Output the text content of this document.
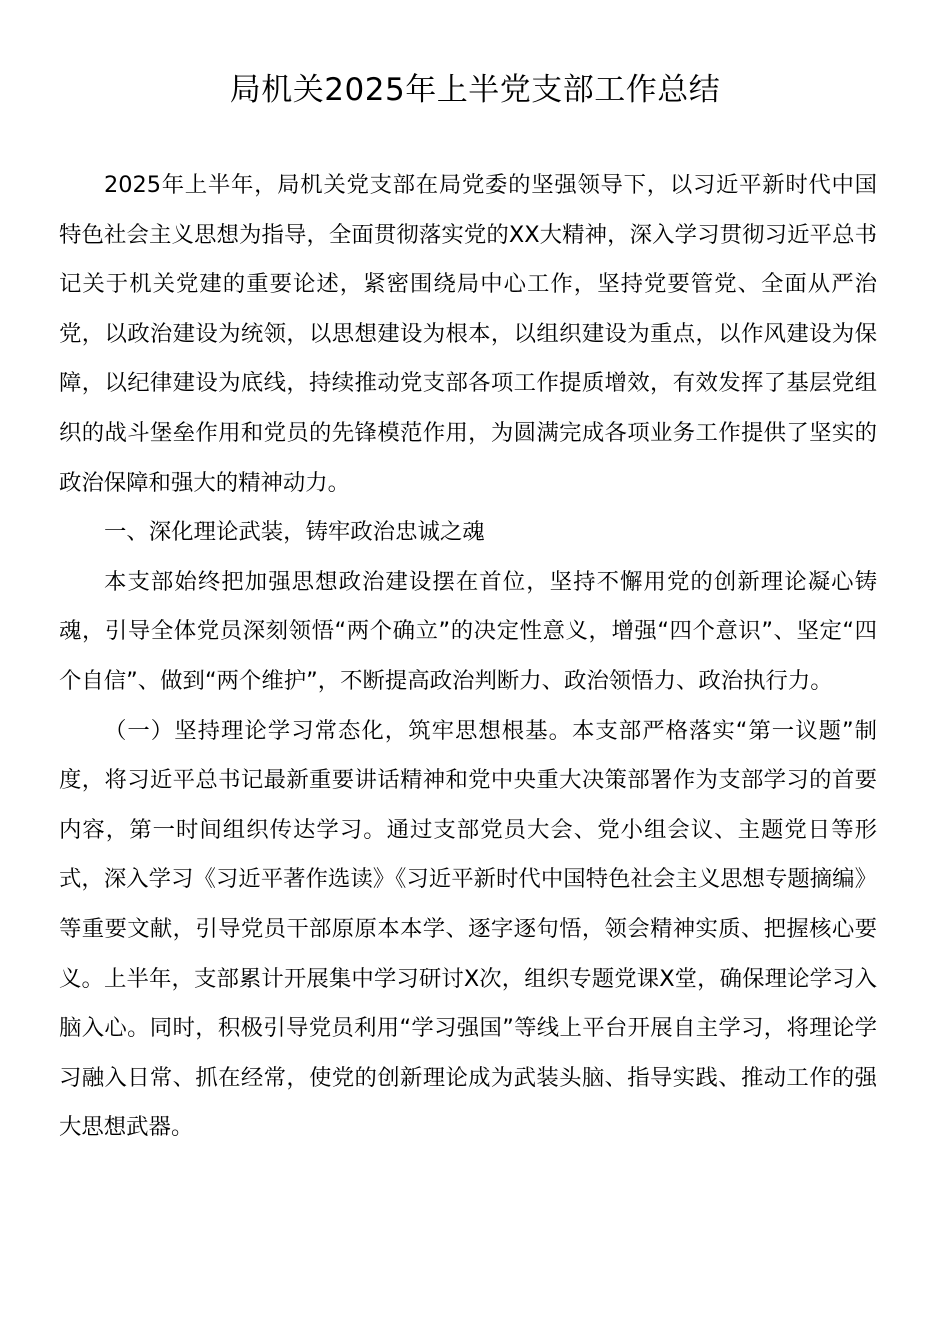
局机关2025年上半党支部工作总结

2025年上半年，局机关党支部在局党委的坚强领导下，以习近平新时代中国特色社会主义思想为指导，全面贯彻落实党的XX大精神，深入学习贯彻习近平总书记关于机关党建的重要论述，紧密围绕局中心工作，坚持党要管党、全面从严治党，以政治建设为统领，以思想建设为根本，以组织建设为重点，以作风建设为保障，以纪律建设为底线，持续推动党支部各项工作提质增效，有效发挥了基层党组织的战斗堡垒作用和党员的先锋模范作用，为圆满完成各项业务工作提供了坚实的政治保障和强大的精神动力。

一、深化理论武装，铸牢政治忠诚之魂

本支部始终把加强思想政治建设摆在首位，坚持不懈用党的创新理论凝心铸魂，引导全体党员深刻领悟“两个确立”的决定性意义，增强“四个意识”、坚定“四个自信”、做到“两个维护”，不断提高政治判断力、政治领悟力、政治执行力。

（一）坚持理论学习常态化，筑牢思想根基。本支部严格落实“第一议题”制度，将习近平总书记最新重要讲话精神和党中央重大决策部署作为支部学习的首要内容，第一时间组织传达学习。通过支部党员大会、党小组会议、主题党日等形式，深入学习《习近平著作选读》《习近平新时代中国特色社会主义思想专题摘编》等重要文献，引导党员干部原原本本学、逐字逐句悟，领会精神实质、把握核心要义。上半年，支部累计开展集中学习研讨X次，组织专题党课X堂，确保理论学习入脑入心。同时，积极引导党员利用“学习强国”等线上平台开展自主学习，将理论学习融入日常、抓在经常，使党的创新理论成为武装头脑、指导实践、推动工作的强大思想武器。
